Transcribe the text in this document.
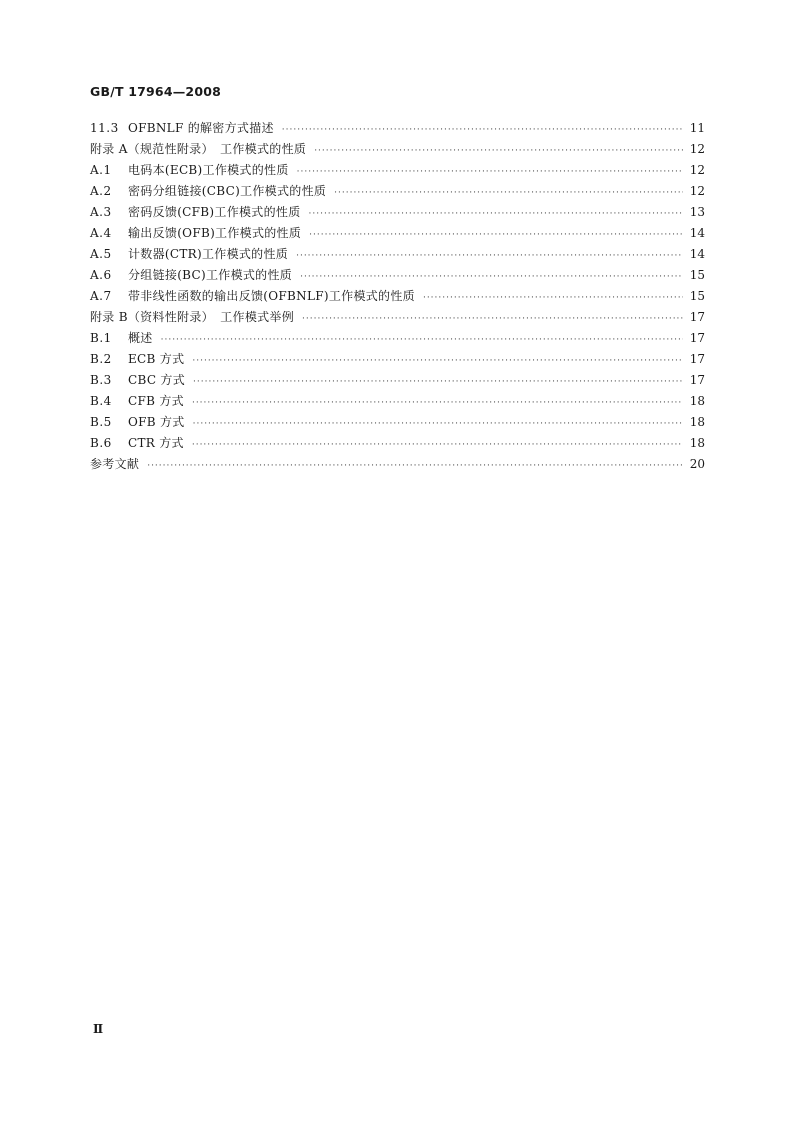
GB/T 17964—2008
11.3 OFBNLF 的解密方式描述 ·····	11
附录 A（规范性附录）　工作模式的性质 ·····	12
A.1	电码本(ECB)工作模式的性质 ·····	12
A.2	密码分组链接(CBC)工作模式的性质 ·····	12
A.3	密码反馈(CFB)工作模式的性质 ·····	13
A.4	输出反馈(OFB)工作模式的性质 ·····	14
A.5	计数器(CTR)工作模式的性质 ·····	14
A.6	分组链接(BC)工作模式的性质 ·····	15
A.7	带非线性函数的输出反馈(OFBNLF)工作模式的性质 ·····	15
附录 B（资料性附录）　工作模式举例 ·····	17
B.1	概述 ·····	17
B.2	ECB 方式 ·····	17
B.3	CBC 方式 ·····	17
B.4	CFB 方式 ·····	18
B.5	OFB 方式 ·····	18
B.6	CTR 方式 ·····	18
参考文献 ·····	20
Ⅱ
